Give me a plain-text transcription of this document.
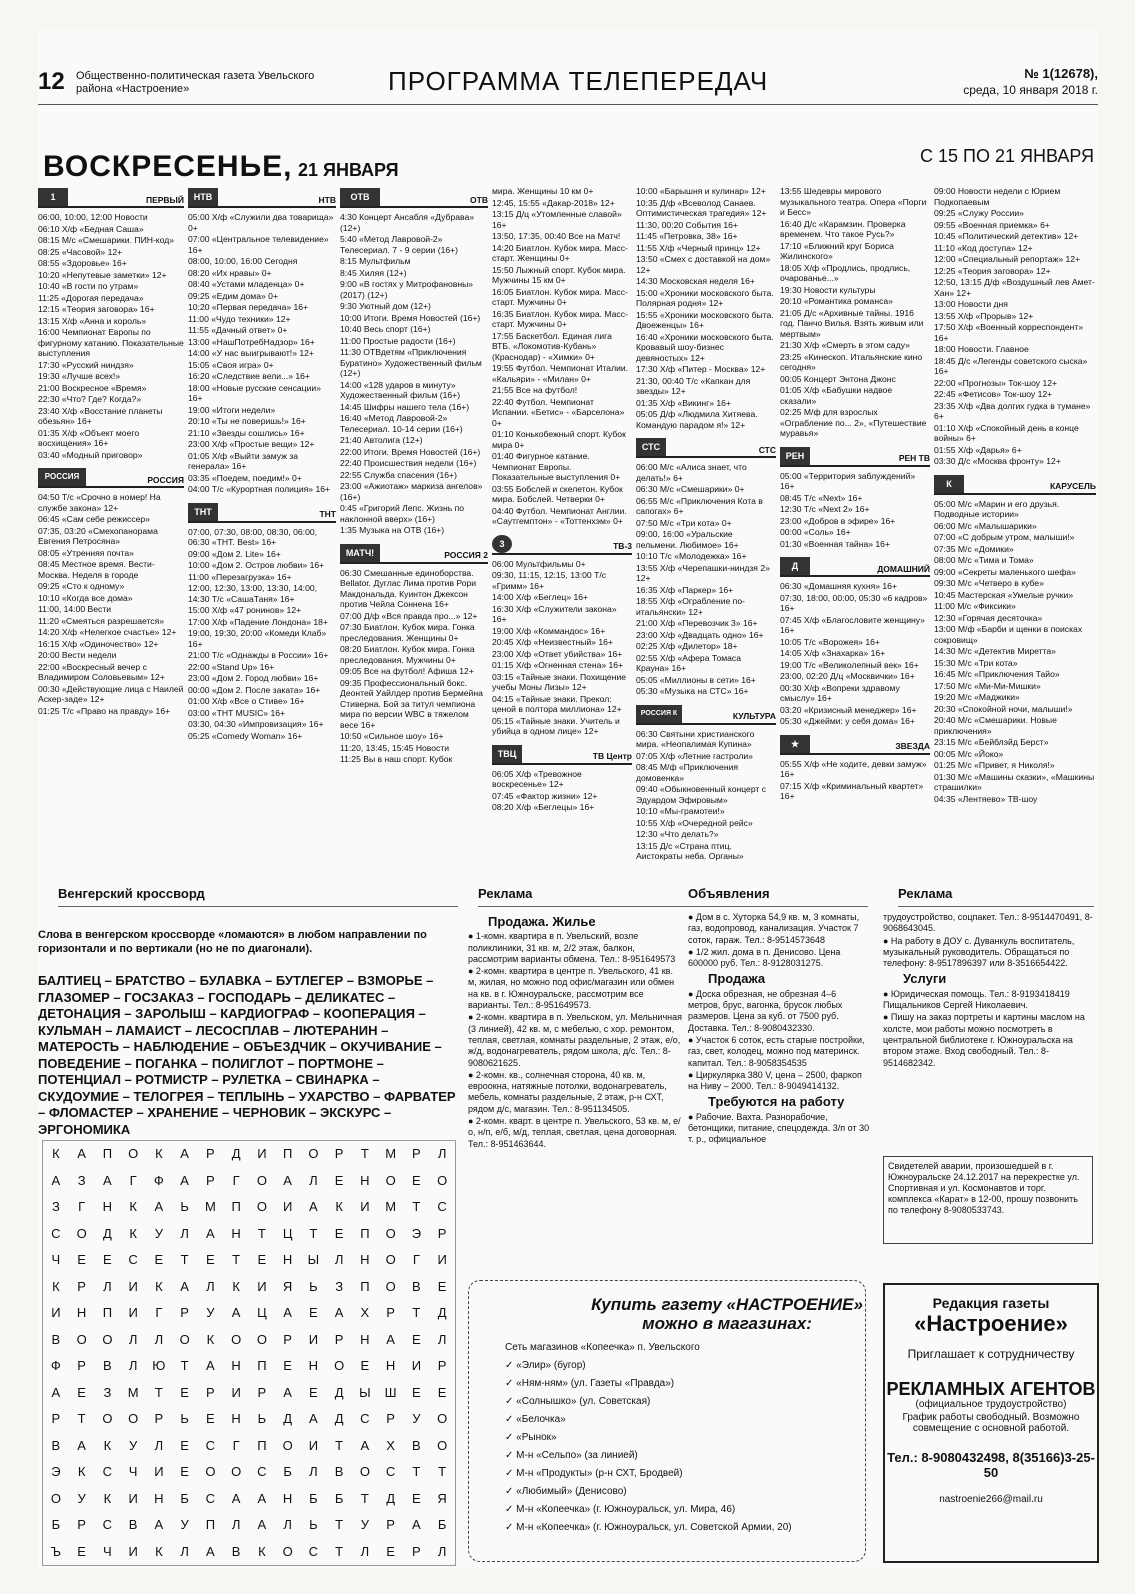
12 Общественно-политическая газета Увельского района «Настроение»	ПРОГРАММА ТЕЛЕПЕРЕДАЧ	№ 1(12678),
среда, 10 января 2018 г.
ВОСКРЕСЕНЬЕ, 21 ЯНВАРЯ
С 15 ПО 21 ЯНВАРЯ
1	ПЕРВЫЙ
06:00, 10:00, 12:00 Новости
06:10 Х/ф «Бедная Саша»
08:15 М/с «Смешарики. ПИН-код»
08:25 «Часовой» 12+
08:55 «Здоровье» 16+
10:20 «Непутевые заметки» 12+
10:40 «В гости по утрам»
11:25 «Дорогая передача»
12:15 «Теория заговора» 16+
13:15 Х/ф «Анна и король»
16:00 Чемпионат Европы по фигурному катанию. Показательные выступления
17:30 «Русский ниндзя»
19:30 «Лучше всех!»
21:00 Воскресное «Время»
22:30 «Что? Где? Когда?»
23:40 Х/ф «Восстание планеты обезьян» 16+
01:35 Х/ф «Объект моего восхищения» 16+
03:40 «Модный приговор»
РОССИЯ	РОССИЯ
04:50 Т/с «Срочно в номер! На службе закона» 12+
06:45 «Сам себе режиссер»
07:35, 03:20 «Смехопанорама Евгения Петросяна»
08:05 «Утренняя почта»
08:45 Местное время. Вести-Москва. Неделя в городе
09:25 «Сто к одному»
10:10 «Когда все дома»
11:00, 14:00 Вести
11:20 «Смеяться разрешается»
14:20 Х/ф «Нелегкое счастье» 12+
16:15 Х/ф «Одиночество» 12+
20:00 Вести недели
22:00 «Воскресный вечер с Владимиром Соловьевым» 12+
00:30 «Действующие лица с Наилей Аскер-заде» 12+
01:25 Т/с «Право на правду» 16+
НТВ	НТВ
05:00 Х/ф «Служили два товарища» 0+
07:00 «Центральное телевидение» 16+
08:00, 10:00, 16:00 Сегодня
08:20 «Их нравы» 0+
08:40 «Устами младенца» 0+
09:25 «Едим дома» 0+
10:20 «Первая передача» 16+
11:00 «Чудо техники» 12+
11:55 «Дачный ответ» 0+
13:00 «НашПотребНадзор» 16+
14:00 «У нас выигрывают!» 12+
15:05 «Своя игра» 0+
16:20 «Следствие вели...» 16+
18:00 «Новые русские сенсации» 16+
19:00 «Итоги недели»
20:10 «Ты не поверишь!» 16+
21:10 «Звезды сошлись» 16+
23:00 Х/ф «Простые вещи» 12+
01:05 Х/ф «Выйти замуж за генерала» 16+
03:35 «Поедем, поедим!» 0+
04:00 Т/с «Курортная полиция» 16+
ТНТ	ТНТ
07:00, 07:30, 08:00, 08:30, 06:00, 06:30 «ТНТ. Best» 16+
09:00 «Дом 2. Lite» 16+
10:00 «Дом 2. Остров любви» 16+
11:00 «Перезагрузка» 16+
12:00, 12:30, 13:00, 13:30, 14:00, 14:30 Т/с «СашаТаня» 16+
15:00 Х/ф «47 ронинов» 12+
17:00 Х/ф «Падение Лондона» 18+
19:00, 19:30, 20:00 «Комеди Клаб» 16+
21:00 Т/с «Однажды в России» 16+
22:00 «Stand Up» 16+
23:00 «Дом 2. Город любви» 16+
00:00 «Дом 2. После заката» 16+
01:00 Х/ф «Все о Стиве» 16+
03:00 «THT MUSIC» 16+
03:30, 04:30 «Импровизация» 16+
05:25 «Comedy Woman» 16+
ОТВ	ОТВ
4:30 Концерт Ансабля «Дубрава» (12+)
5:40 «Метод Лавровой-2» Телесериал. 7 - 9 серии (16+)
8:15 Мультфильм
8:45 Хиляя (12+)
9:00 «В гостях у Митрофановны» (2017) (12+)
9:30 Уютный дом (12+)
10:00 Итоги. Время Новостей (16+)
10:40 Весь спорт (16+)
11:00 Простые радости (16+)
11:30 ОТВдетям «Приключения Буратино» Художественный фильм (12+)
14:00 «128 ударов в минуту» Художественный фильм (16+)
14:45 Шифры нашего тела (16+)
16:40 «Метод Лавровой-2» Телесериал. 10-14 серии (16+)
21:40 Автолига (12+)
22:00 Итоги. Время Новостей (16+)
22:40 Происшествия недели (16+)
22:55 Служба спасения (16+)
23:00 «Ажиотаж» маркиза ангелов» (16+)
0:45 «Григорий Лепс. Жизнь по наклонной вверх» (16+)
1:35 Музыка на ОТВ (16+)
МАТЧ!	РОССИЯ 2
06:30 Смешанные единоборства. Bellator. Дуглас Лима против Рори Макдональда. Куинтон Джексон против Чейла Соннена 16+
07:00 Д/ф «Вся правда про...» 12+
07:30 Биатлон. Кубок мира. Гонка преследования. Женщины 0+
08:20 Биатлон. Кубок мира. Гонка преследования. Мужчины 0+
09:05 Все на футбол! Афиша 12+
09:35 Профессиональный бокс. Деонтей Уайлдер против Бермейна Стиверна. Бой за титул чемпиона мира по версии WBC в тяжелом весе 16+
10:50 «Сильное шоу» 16+
11:20, 13:45, 15:45 Новости
11:25 Вы в наш спорт. Кубок
мира. Женщины 10 км 0+
12:45, 15:55 «Дакар-2018» 12+
13:15 Д/ц «Утомленные славой» 16+
13:50, 17:35, 00:40 Все на Матч!
14:20 Биатлон. Кубок мира. Масс-старт. Женщины 0+
15:50 Лыжный спорт. Кубок мира. Мужчины 15 км 0+
16:05 Биатлон. Кубок мира. Масс-старт. Мужчины 0+
16:35 Биатлон. Кубок мира. Масс-старт. Мужчины 0+
17:55 Баскетбол. Единая лига ВТБ. «Локомотив-Кубань» (Краснодар) - «Химки» 0+
19:55 Футбол. Чемпионат Италии. «Кальяри» - «Милан» 0+
21:55 Все на футбол!
22:40 Футбол. Чемпионат Испании. «Бетис» - «Барселона» 0+
01:10 Конькобежный спорт. Кубок мира 0+
01:40 Фигурное катание. Чемпионат Европы. Показательные выступления 0+
03:55 Бобслей и скелетон. Кубок мира. Бобслей. Четверки 0+
04:40 Футбол. Чемпионат Англии. «Саутгемптон» - «Тоттенхэм» 0+
3	ТВ-3
06:00 Мультфильмы 0+
09:30, 11:15, 12:15, 13:00 Т/с «Гримм» 16+
14:00 Х/ф «Беглец» 16+
16:30 Х/ф «Служители закона» 16+
19:00 Х/ф «Коммандос» 16+
20:45 Х/ф «Неизвестный» 16+
23:00 Х/ф «Ответ убийства» 16+
01:15 Х/ф «Огненная стена» 16+
03:15 «Тайные знаки. Похищение учебы Моны Лизы» 12+
04:15 «Тайные знаки. Прекол: ценой в полтора миллиона» 12+
05:15 «Тайные знаки. Учитель и убийца в одном лице» 12+
ТВЦ	ТВ Центр
06:05 Х/ф «Тревожное воскресенье» 12+
07:45 «Фактор жизни» 12+
08:20 Х/ф «Беглецы» 16+
10:00 «Барышня и кулинар» 12+
10:35 Д/ф «Всеволод Санаев. Оптимистическая трагедия» 12+
11:30, 00:20 События 16+
11:45 «Петровка, 38» 16+
11:55 Х/ф «Черный принц» 12+
13:50 «Смех с доставкой на дом» 12+
14:30 Московская неделя 16+
15:00 «Хроники московского быта. Полярная родня» 12+
15:55 «Хроники московского быта. Двоеженцы» 16+
16:40 «Хроники московского быта. Кровавый шоу-бизнес девяностых» 12+
17:30 Х/ф «Питер - Москва» 12+
21:30, 00:40 Т/с «Капкан для звезды» 12+
01:35 Х/ф «Викинг» 16+
05:05 Д/ф «Людмила Хитяева. Командую парадом я!» 12+
СТС	СТС
06:00 М/с «Алиса знает, что делать!» 6+
06:30 М/с «Смешарики» 0+
06:55 М/с «Приключения Кота в сапогах» 6+
07:50 М/с «Три кота» 0+
09:00, 16:00 «Уральские пельмени. Любимое» 16+
10:10 Т/с «Молодежка» 16+
13:55 Х/ф «Черепашки-ниндзя 2» 12+
16:35 Х/ф «Паркер» 16+
18:55 Х/ф «Ограбление по-итальянски» 12+
21:00 Х/ф «Перевозчик 3» 16+
23:00 Х/ф «Двадцать одно» 16+
02:25 Х/ф «Дилетор» 18+
02:55 Х/ф «Афера Томаса Крауна» 16+
05:05 «Миллионы в сети» 16+
05:30 «Музыка на СТС» 16+
РОССИЯ К	КУЛЬТУРА
06:30 Святыни христианского мира. «Неопалимая Купина»
07:05 Х/ф «Летние гастроли»
08:45 М/ф «Приключения домовенка»
09:40 «Обыкновенный концерт с Эдуардом Эфировым»
10:10 «Мы-грамотеи!»
10:55 Х/ф «Очередной рейс»
12:30 «Что делать?»
13:15 Д/с «Страна птиц. Аистократы неба. Органы»
13:55 Шедевры мирового музыкального театра. Опера «Порги и Бесс»
16:40 Д/с «Карамзин. Проверка временем. Что такое Русь?»
17:10 «Ближний круг Бориса Жилинского»
18:05 Х/ф «Продлись, продлись, очарованье...»
19:30 Новости культуры
20:10 «Романтика романса»
21:05 Д/с «Архивные тайны. 1916 год. Панчо Вилья. Взять живым или мертвым»
21:30 Х/ф «Смерть в этом саду»
23:25 «Кинескоп. Итальянские кино сегодня»
00:05 Концерт Энтона Джонс
01:05 Х/ф «Бабушки надвое сказали»
02:25 М/ф для взрослых «Ограбление по... 2», «Путешествие муравья»
РЕН	РЕН ТВ
05:00 «Территория заблуждений» 16+
08:45 Т/с «Next» 16+
12:30 Т/с «Next 2» 16+
23:00 «Добров в эфире» 16+
00:00 «Соль» 16+
01:30 «Военная тайна» 16+
Д	ДОМАШНИЙ
06:30 «Домашняя кухня» 16+
07:30, 18:00, 00:00, 05:30 «6 кадров» 16+
07:45 Х/ф «Благословите женщину» 16+
10:05 Т/с «Ворожея» 16+
14:05 Х/ф «Знахарка» 16+
19:00 Т/с «Великолепный век» 16+
23:00, 02:20 Д/ц «Москвички» 16+
00:30 Х/ф «Вопреки здравому смыслу» 16+
03:20 «Кризисный менеджер» 16+
05:30 «Джейми: у себя дома» 16+
★	ЗВЕЗДА
05:55 Х/ф «Не ходите, девки замуж» 16+
07:15 Х/ф «Криминальный квартет» 16+
09:00 Новости недели с Юрием Подкопаевым
09:25 «Служу России»
09:55 «Военная приемка» 6+
10:45 «Политический детектив» 12+
11:10 «Код доступа» 12+
12:00 «Специальный репортаж» 12+
12:25 «Теория заговора» 12+
12:50, 13:15 Д/ф «Воздушный лев Амет-Хан» 12+
13:00 Новости дня
13:55 Х/ф «Прорыв» 12+
17:50 Х/ф «Военный корреспондент» 16+
18:00 Новости. Главное
18:45 Д/с «Легенды советского сыска» 16+
22:00 «Прогнозы» Ток-шоу 12+
22:45 «Фетисов» Ток-шоу 12+
23:35 Х/ф «Два долгих гудка в тумане» 6+
01:10 Х/ф «Спокойный день в конце войны» 6+
01:55 Х/ф «Дарья» 6+
03:30 Д/с «Москва фронту» 12+
К	КАРУСЕЛЬ
05:00 М/с «Марин и его друзья. Подводные истории»
06:00 М/с «Малышарики»
07:00 «С добрым утром, малыши!»
07:35 М/с «Домики»
08:00 М/с «Тима и Тома»
09:00 «Секреты маленького шефа»
09:30 М/с «Четверо в кубе»
10:45 Мастерская «Умелые ручки»
11:00 М/с «Фиксики»
12:30 «Горячая десяточка»
13:00 М/ф «Барби и щенки в поисках сокровищ»
14:30 М/с «Детектив Миретта»
15:30 М/с «Три кота»
16:45 М/с «Приключения Тайо»
17:50 М/с «Ми-Ми-Мишки»
19:20 М/с «Маджики»
20:30 «Спокойной ночи, малыши!»
20:40 М/с «Смешарики. Новые приключения»
23:15 М/с «Бейблэйд Берст»
00:05 М/с «Йоко»
01:25 М/с «Привет, я Николя!»
01:30 М/с «Машины сказки», «Машкины страшилки»
04:35 «Лентяево» ТВ-шоу
Венгерский кроссворд	Реклама	Объявления	Реклама
Слова в венгерском кроссворде «ломаются» в любом направлении по горизонтали и по вертикали (но не по диагонали).
БАЛТИЕЦ – БРАТСТВО – БУЛАВКА – БУТЛЕГЕР – ВЗМОРЬЕ – ГЛАЗОМЕР – ГОСЗАКАЗ – ГОСПОДАРЬ – ДЕЛИКАТЕС – ДЕТОНАЦИЯ – ЗАРОЛЫШ – КАРДИОГРАФ – КООПЕРАЦИЯ – КУЛЬМАН – ЛАМАИСТ – ЛЕСОСПЛАВ – ЛЮТЕРАНИН – МАТЕРОСТЬ – НАБЛЮДЕНИЕ – ОБЪЕЗДЧИК – ОКУЧИВАНИЕ – ПОВЕДЕНИЕ – ПОГАНКА – ПОЛИГЛОТ – ПОРТМОНЕ – ПОТЕНЦИАЛ – РОТМИСТР – РУЛЕТКА – СВИНАРКА – СКУДОУМИЕ – ТЕЛОГРЕЯ – ТЕПЛЫНЬ – УХАРСТВО – ФАРВАТЕР – ФЛОМАСТЕР – ХРАНЕНИЕ – ЧЕРНОВИК – ЭКСКУРС – ЭРГОНОМИКА
К	А	П	О	К	А	Р	Д	И	П	О	Р	Т	М	Р	Л
А	З	А	Г	Ф	А	Р	Г	О	А	Л	Е	Н	О	Е	О
З	Г	Н	К	А	Ь	М	П	О	И	А	К	И	М	Т	С
С	О	Д	К	У	Л	А	Н	Т	Ц	Т	Е	П	О	Э	Р
Ч	Е	Е	С	Е	Т	Е	Т	Е	Н	Ы	Л	Н	О	Г	И
К	Р	Л	И	К	А	Л	К	И	Я	Ь	З	П	О	В	Е
И	Н	П	И	Г	Р	У	А	Ц	А	Е	А	Х	Р	Т	Д
В	О	О	Л	Л	О	К	О	О	Р	И	Р	Н	А	Е	Л
Ф	Р	В	Л	Ю	Т	А	Н	П	Е	Н	О	Е	Н	И	Р
А	Е	З	М	Т	Е	Р	И	Р	А	Е	Д	Ы	Ш	Е	Е
Р	Т	О	О	Р	Ь	Е	Н	Ь	Д	А	Д	С	Р	У	О
В	А	К	У	Л	Е	С	Г	П	О	И	Т	А	Х	В	О
Э	К	С	Ч	И	Е	О	О	С	Б	Л	В	О	С	Т	Т
О	У	К	И	Н	Б	С	А	А	Н	Б	Б	Т	Д	Е	Я
Б	Р	С	В	А	У	П	Л	А	Л	Ь	Т	У	Р	А	Б
Ъ	Е	Ч	И	К	Л	А	В	К	О	С	Т	Л	Е	Р	Л
Продажа. Жилье
● 1-комн. квартира в п. Увельский, возле поликлиники, 31 кв. м, 2/2 этаж, балкон, рассмотрим варианты обмена. Тел.: 8-951649573
● 2-комн. квартира в центре п. Увельского, 41 кв. м, жилая, но можно под офис/магазин или обмен на кв. в г. Южноуральске, рассмотрим все варианты. Тел.: 8-951649573.
● 2-комн. квартира в п. Увельском, ул. Мельничная (3 линией), 42 кв. м, с мебелью, с хор. ремонтом, теплая, светлая, комнаты раздельные, 2 этаж, е/о, ж/д, водонагреватель, рядом школа, д/с. Тел.: 8-9080621625.
● 2-комн. кв., солнечная сторона, 40 кв. м, евроокна, натяжные потолки, водонагреватель, мебель, комнаты раздельные, 2 этаж, р-н СХТ, рядом д/с, магазин. Тел.: 8-951134505.
● 2-комн. кварт. в центре п. Увельского, 53 кв. м, е/о, н/п, е/б, м/д, теплая, светлая, цена договорная. Тел.: 8-951463644.
● Дом в с. Хуторка 54,9 кв. м, 3 комнаты, газ, водопровод, канализация. Участок 7 соток, гараж. Тел.: 8-9514573648
● 1/2 жил. дома в п. Денисово. Цена 600000 руб. Тел.: 8-9128031275.
Продажа
● Доска обрезная, не обрезная 4–6 метров, брус, вагонка, брусок любых размеров. Цена за куб. от 7500 руб. Доставка. Тел.: 8-9080432330.
● Участок 6 соток, есть старые постройки, газ, свет, колодец, можно под материнск. капитал. Тел.: 8-9058354535
● Циркулярка 380 V, цена – 2500, фаркоп на Ниву – 2000. Тел.: 8-9049414132.
Требуются на работу
● Рабочие. Вахта. Разнорабочие, бетонщики, питание, спецодежда. 3/п от 30 т. р., официальное
трудоустройство, соцпакет. Тел.: 8-9514470491, 8-9068643045.
● На работу в ДОУ с. Дуванкуль воспитатель, музыкальный руководитель. Обращаться по телефону: 8-9517896397 или 8-3516654422.
Услуги
● Юридическая помощь. Тел.: 8-9193418419 Пищальников Сергей Николаевич.
● Пишу на заказ портреты и картины маслом на холсте, мои работы можно посмотреть в центральной библиотеке г. Южноуральска на втором этаже. Вход свободный. Тел.: 8-9514682342.
Свидетелей аварии, произошедшей в г. Южноуральске 24.12.2017 на перекрестке ул. Спортивная и ул. Космонавтов и торг. комплекса «Карат» в 12-00, прошу позвонить по телефону 8-9080533743.
Купить газету «НАСТРОЕНИЕ» можно в магазинах:
Сеть магазинов «Копеечка» п. Увельского
✓ «Элир» (бугор)
✓ «Ням-ням» (ул. Газеты «Правда»)
✓ «Солнышко» (ул. Советская)
✓ «Белочка»
✓ «Рынок»
✓ М-н «Сельпо» (за линией)
✓ М-н «Продукты» (р-н СХТ, Бродвей)
✓ «Любимый» (Денисово)
✓ М-н «Копеечка» (г. Южноуральск, ул. Мира, 46)
✓ М-н «Копеечка» (г. Южноуральск, ул. Советской Армии, 20)
Редакция газеты
«Настроение»
Приглашает к сотрудничеству
РЕКЛАМНЫХ АГЕНТОВ
(официальное трудоустройство)
График работы свободный. Возможно совмещение с основной работой.
Тел.: 8-9080432498, 8(35166)3-25-50
nastroenie266@mail.ru
